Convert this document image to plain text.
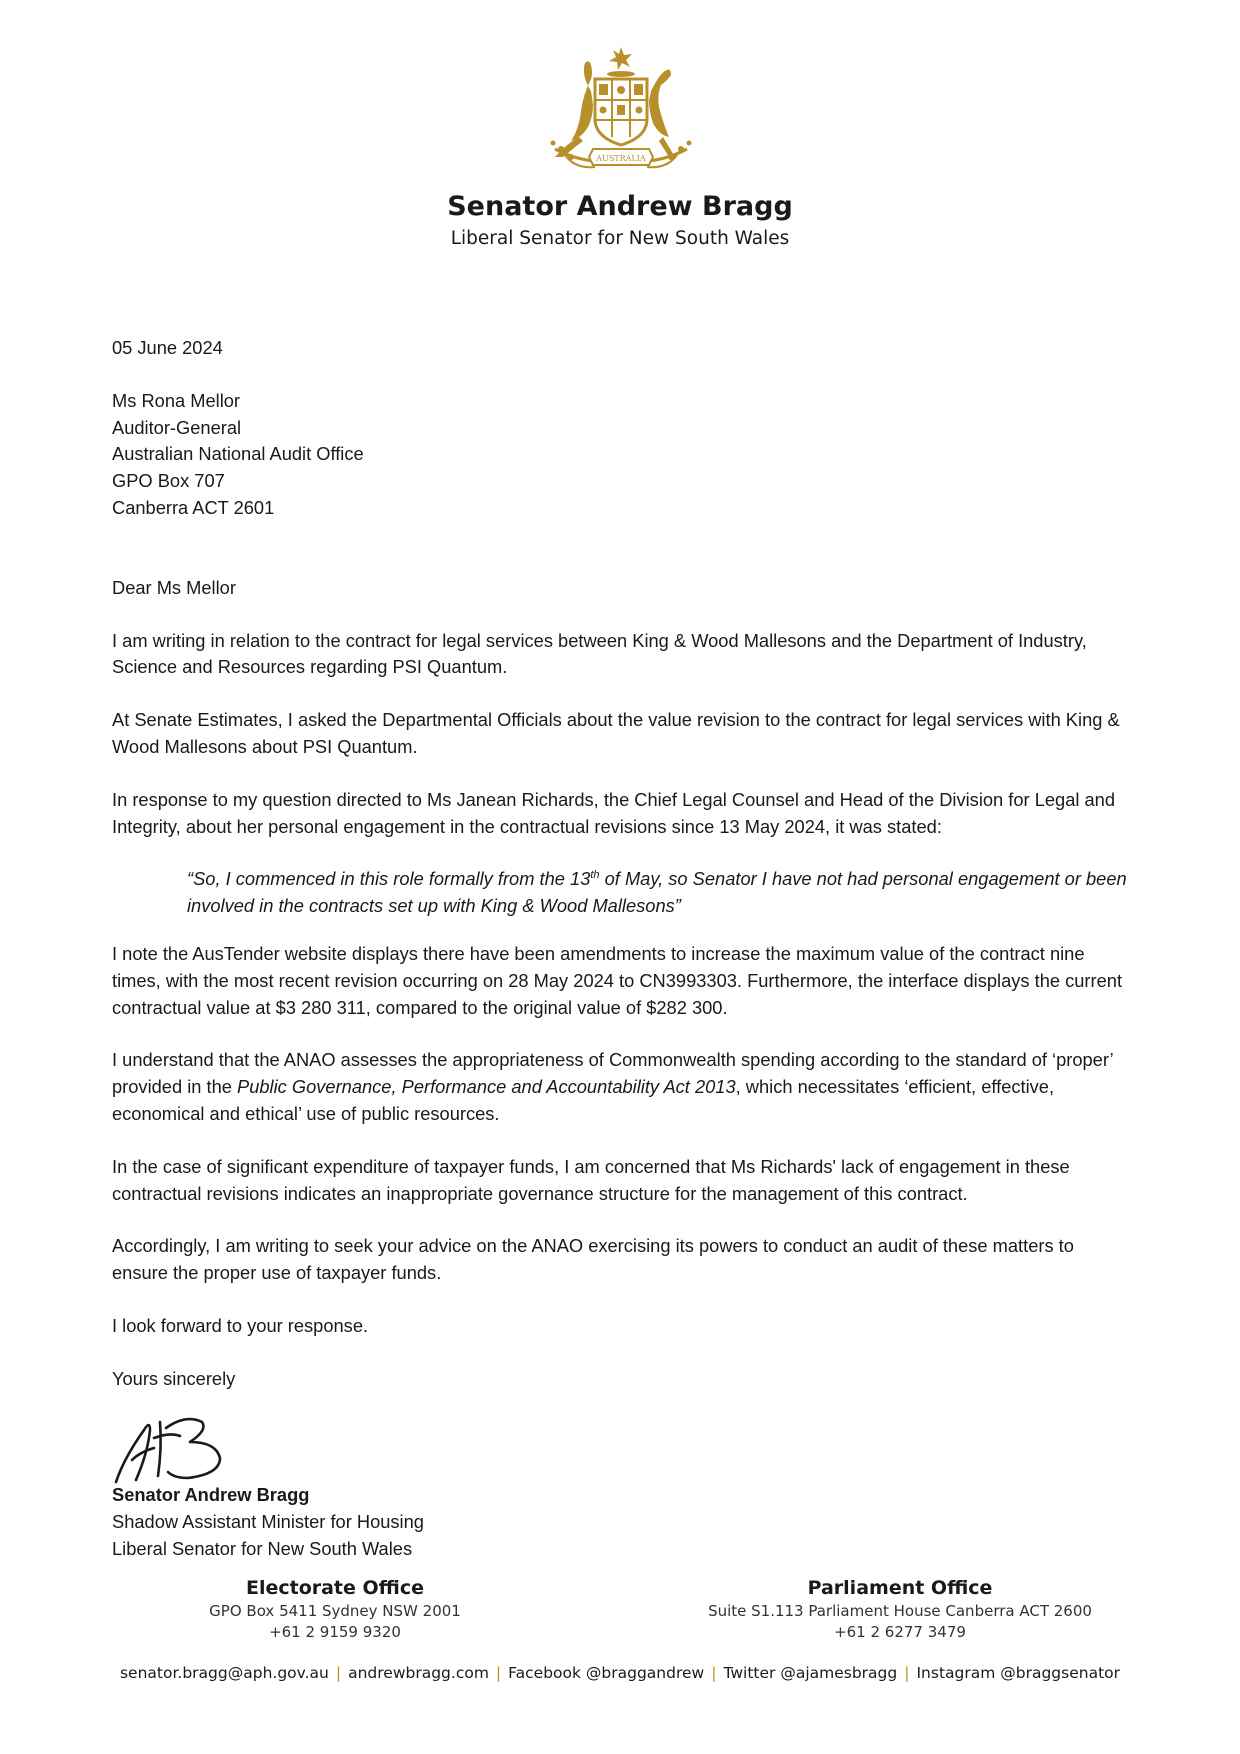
AUSTRALIA
Senator Andrew Bragg
Liberal Senator for New South Wales

05 June 2024

Ms Rona Mellor
Auditor-General
Australian National Audit Office
GPO Box 707
Canberra ACT 2601

Dear Ms Mellor

I am writing in relation to the contract for legal services between King & Wood Mallesons and the Department of Industry, Science and Resources regarding PSI Quantum.

At Senate Estimates, I asked the Departmental Officials about the value revision to the contract for legal services with King & Wood Mallesons about PSI Quantum.

In response to my question directed to Ms Janean Richards, the Chief Legal Counsel and Head of the Division for Legal and Integrity, about her personal engagement in the contractual revisions since 13 May 2024, it was stated:

“So, I commenced in this role formally from the 13th of May, so Senator I have not had personal engagement or been involved in the contracts set up with King & Wood Mallesons”

I note the AusTender website displays there have been amendments to increase the maximum value of the contract nine times, with the most recent revision occurring on 28 May 2024 to CN3993303. Furthermore, the interface displays the current contractual value at $3 280 311, compared to the original value of $282 300.

I understand that the ANAO assesses the appropriateness of Commonwealth spending according to the standard of ‘proper’ provided in the Public Governance, Performance and Accountability Act 2013, which necessitates ‘efficient, effective, economical and ethical’ use of public resources.

In the case of significant expenditure of taxpayer funds, I am concerned that Ms Richards' lack of engagement in these contractual revisions indicates an inappropriate governance structure for the management of this contract.

Accordingly, I am writing to seek your advice on the ANAO exercising its powers to conduct an audit of these matters to ensure the proper use of taxpayer funds.

I look forward to your response.

Yours sincerely

Senator Andrew Bragg
Shadow Assistant Minister for Housing
Liberal Senator for New South Wales
Electorate Office
GPO Box 5411 Sydney NSW 2001
+61 2 9159 9320
Parliament Office
Suite S1.113 Parliament House Canberra ACT 2600
+61 2 6277 3479
senator.bragg@aph.gov.au | andrewbragg.com | Facebook @braggandrew | Twitter @ajamesbragg | Instagram @braggsenator
